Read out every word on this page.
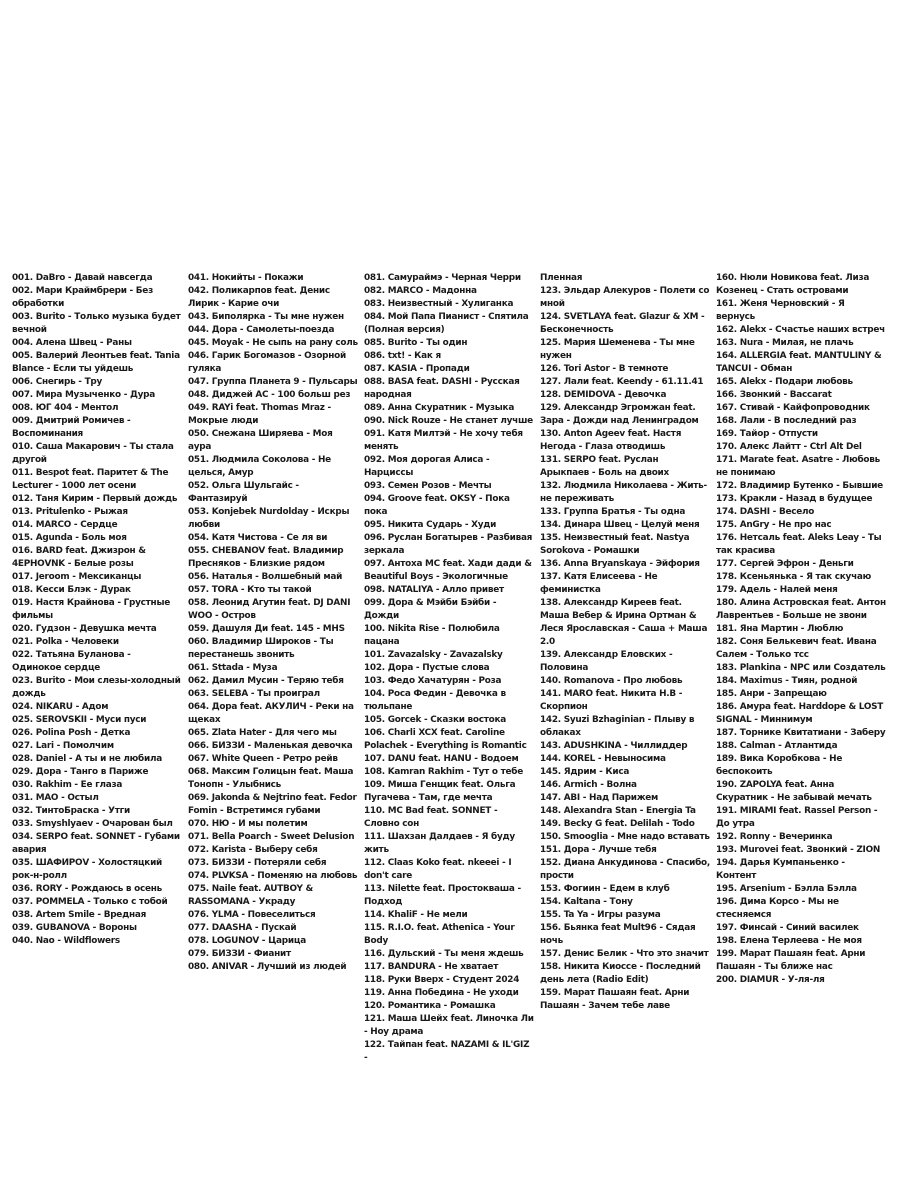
001. DaBro - Давай навсегда
002. Мари Краймбрери - Без обработки
003. Burito - Только музыка будет вечной
004. Алена Швец - Раны
005. Валерий Леонтьев feat. Tania Blance - Если ты уйдешь
006. Снегирь - Тру
007. Мира Музыченко - Дура
008. ЮГ 404 - Ментол
009. Дмитрий Ромичев - Воспоминания
010. Саша Макарович - Ты стала другой
011. Bespot feat. Паритет & The Lecturer - 1000 лет осени
012. Таня Кирим - Первый дождь
013. Pritulenko - Рыжая
014. MARCO - Сердце
015. Agunda - Боль моя
016. BARD feat. Джизрон & 4ЕРНОVNK - Белые розы
017. Jeroom - Мексиканцы
018. Кесси Блэк - Дурак
019. Настя Крайнова - Грустные фильмы
020. Гудзон - Девушка мечта
021. Polka - Человеки
022. Татьяна Буланова - Одинокое сердце
023. Burito - Мои слезы-холодный дождь
024. NIKARU - Адом
025. SEROVSKII - Муси пуси
026. Polina Posh - Детка
027. Lari - Помолчим
028. Daniel - А ты и не любила
029. Дора - Танго в Париже
030. Rakhim - Ее глаза
031. MAO - Остыл
032. ТинтоБраска - Утги
033. Smyshlyaev - Очарован был
034. SERPO feat. SONNET - Губами авария
035. ШАФИРОV - Холостяцкий рок-н-ролл
036. RORY - Рождаюсь в осень
037. POMMELA - Только с тобой
038. Artem Smile - Вредная
039. GUBANOVA - Вороны
040. Nao - Wildflowers
041. Нокийты - Покажи
042. Поликарпов feat. Денис Лирик - Карие очи
043. Биполярка - Ты мне нужен
044. Дора - Самолеты-поезда
045. Moyak - Не сыпь на рану соль
046. Гарик Богомазов - Озорной гуляка
047. Группа Планета 9 - Пульсары
048. Диджей AC - 100 больш рез
049. RAYi feat. Thomas Mraz - Мокрые люди
050. Снежана Ширяева - Моя аура
051. Людмила Соколова - Не целься, Амур
052. Ольга Шульгайс - Фантазируй
053. Konjebek Nurdolday - Искры любви
054. Катя Чистова - Се ля ви
055. CHEBANOV feat. Владимир Пресняков - Близкие рядом
056. Наталья - Волшебный май
057. TORA - Кто ты такой
058. Леонид Агутин feat. DJ DANI WOO - Остров
059. Дашуля Ди feat. 145 - MHS
060. Владимир Широков - Ты перестанешь звонить
061. Sttada - Муза
062. Дамил Мусин - Теряю тебя
063. SELEBA - Ты проиграл
064. Дора feat. АКУЛИЧ - Реки на щеках
065. Zlata Hater - Для чего мы
066. БИЗЗИ - Маленькая девочка
067. White Queen - Ретро рейв
068. Максим Голицын feat. Маша Тонопн - Улыбнись
069. Jakonda & Nejtrino feat. Fedor Fomin - Встретимся губами
070. НЮ - И мы полетим
071. Bella Poarch - Sweet Delusion
072. Karista - Выберу себя
073. БИЗЗИ - Потеряли себя
074. PLVKSA - Поменяю на любовь
075. Naile feat. AUTBOY & RASSOMANA - Украду
076. YLMA - Повеселиться
077. DAASHA - Пускай
078. LOGUNOV - Царица
079. БИЗЗИ - Фианит
080. ANIVAR - Лучший из людей
081. Самураймэ - Черная Черри
082. MARCO - Мадонна
083. Неизвестный - Хулиганка
084. Мой Папа Пианист - Спятила (Полная версия)
085. Burito - Ты один
086. txt! - Как я
087. KASIA - Пропади
088. BASA feat. DASHI - Русская народная
089. Анна Скуратник - Музыка
090. Nick Rouze - Не станет лучше
091. Катя Милтэй - Не хочу тебя менять
092. Моя дорогая Алиса - Нарциссы
093. Семен Розов - Мечты
094. Groove feat. OKSY - Пока пока
095. Никита Сударь - Худи
096. Руслан Богатырев - Разбивая зеркала
097. Антоха MC feat. Хади дади & Beautiful Boys - Экологичные
098. NATALIYA - Алло привет
099. Дора & Мэйби Бэйби - Дожди
100. Nikita Rise - Полюбила пацана
101. Zavazalsky - Zavazalsky
102. Дора - Пустые слова
103. Федо Хачатурян - Роза
104. Роса Федин - Девочка в тюльпане
105. Gorcek - Сказки востока
106. Charli XCX feat. Caroline Polachek - Everything is Romantic
107. DANU feat. HANU - Водоем
108. Kamran Rakhim - Тут о тебе
109. Миша Генщик feat. Ольга Пугачева - Там, где мечта
110. MC Bad feat. SONNET - Словно сон
111. Шахзан Далдаев - Я буду жить
112. Claas Koko feat. nkeeei - I don't care
113. Nilette feat. Простокваша - Подход
114. KhaliF - Не мели
115. R.I.O. feat. Athenica - Your Body
116. Дульский - Ты меня ждешь
117. BANDURA - Не хватает
118. Руки Вверх - Студент 2024
119. Анна Победина - Не уходи
120. Романтика - Ромашка
121. Маша Шейх feat. Линочка Ли - Ноу драма
122. Тайпан feat. NAZAMI & IL'GIZ -
Пленная
123. Эльдар Алекуров - Полети со мной
124. SVETLAYA feat. Glazur & XM - Бесконечность
125. Мария Шеменева - Ты мне нужен
126. Tori Astor - В темноте
127. Лали feat. Keendy - 61.11.41
128. DEMIDOVA - Девочка
129. Александр Эгромжан feat. Зара - Дожди над Ленинградом
130. Anton Ageev feat. Настя Негода - Глаза отводишь
131. SERPO feat. Руслан Арыкпаев - Боль на двоих
132. Людмила Николаева - Жить-не переживать
133. Группа Братья - Ты одна
134. Динара Швец - Целуй меня
135. Неизвестный feat. Nastya Sorokova - Ромашки
136. Anna Bryanskaya - Эйфория
137. Катя Елисеева - Не феминистка
138. Александр Киреев feat. Маша Вебер & Ирина Ортман & Леся Ярославская - Саша + Маша 2.0
139. Александр Еловских - Половина
140. Romanova - Про любовь
141. MARO feat. Никита Н.В - Скорпион
142. Syuzi Bzhaginian - Плыву в облаках
143. ADUSHKINA - Чиллиддер
144. KOREL - Невыносима
145. Ядрим - Киса
146. Armich - Волна
147. ABI - Над Парижем
148. Alexandra Stan - Energia Ta
149. Becky G feat. Delilah - Todo
150. Smooglia - Мне надо вставать
151. Дора - Лучше тебя
152. Диана Анкудинова - Спасибо, прости
153. Фогиин - Едем в клуб
154. Kaltana - Тону
155. Ta Ya - Игры разума
156. Бьянка feat Mult96 - Сядая ночь
157. Денис Белик - Что это значит
158. Никита Киоссе - Последний день лета (Radio Edit)
159. Марат Пашаян feat. Арни Пашаян - Зачем тебе лаве
160. Нюли Новикова feat. Лиза Козенец - Стать островами
161. Женя Черновский - Я вернусь
162. Alekx - Счастье наших встреч
163. Nura - Милая, не плачь
164. ALLERGIA feat. MANTULINY & TANCUI - Обман
165. Alekx - Подари любовь
166. Звонкий - Baccarat
167. Стивай - Кайфопроводник
168. Лали - В последний раз
169. Тайор - Отпусти
170. Алекс Лайтт - Ctrl Alt Del
171. Marate feat. Asatre - Любовь не понимаю
172. Владимир Бутенко - Бывшие
173. Кракли - Назад в будущее
174. DASHI - Весело
175. AnGry - Не про нас
176. Нетсаль feat. Aleks Leay - Ты так красива
177. Сергей Эфрон - Деньги
178. Ксеньянька - Я так скучаю
179. Адель - Налей меня
180. Алина Астровская feat. Антон Лаврентьев - Больше не звони
181. Яна Мартин - Люблю
182. Соня Белькевич feat. Ивана Салем - Только тсс
183. Plankina - NPC или Создатель
184. Maximus - Тиян, родной
185. Анри - Запрещаю
186. Амура feat. Harddope & LOST SIGNAL - Миннимум
187. Торнике Квитатиани - Заберу
188. Calman - Атлантида
189. Вика Коробкова - Не беспокоить
190. ZAPOLYA feat. Анна Скуратник - Не забывай мечать
191. MIRAMI feat. Rassel Person - До утра
192. Ronny - Вечеринка
193. Murovei feat. Звонкий - ZION
194. Дарья Кумпаньенко - Контент
195. Arsenium - Бэлла Бэлла
196. Дима Корсо - Мы не стесняемся
197. Финсай - Синий василек
198. Елена Терлеева - Не моя
199. Марат Пашаян feat. Арни Пашаян - Ты ближе нас
200. DIAMUR - У-ля-ля
